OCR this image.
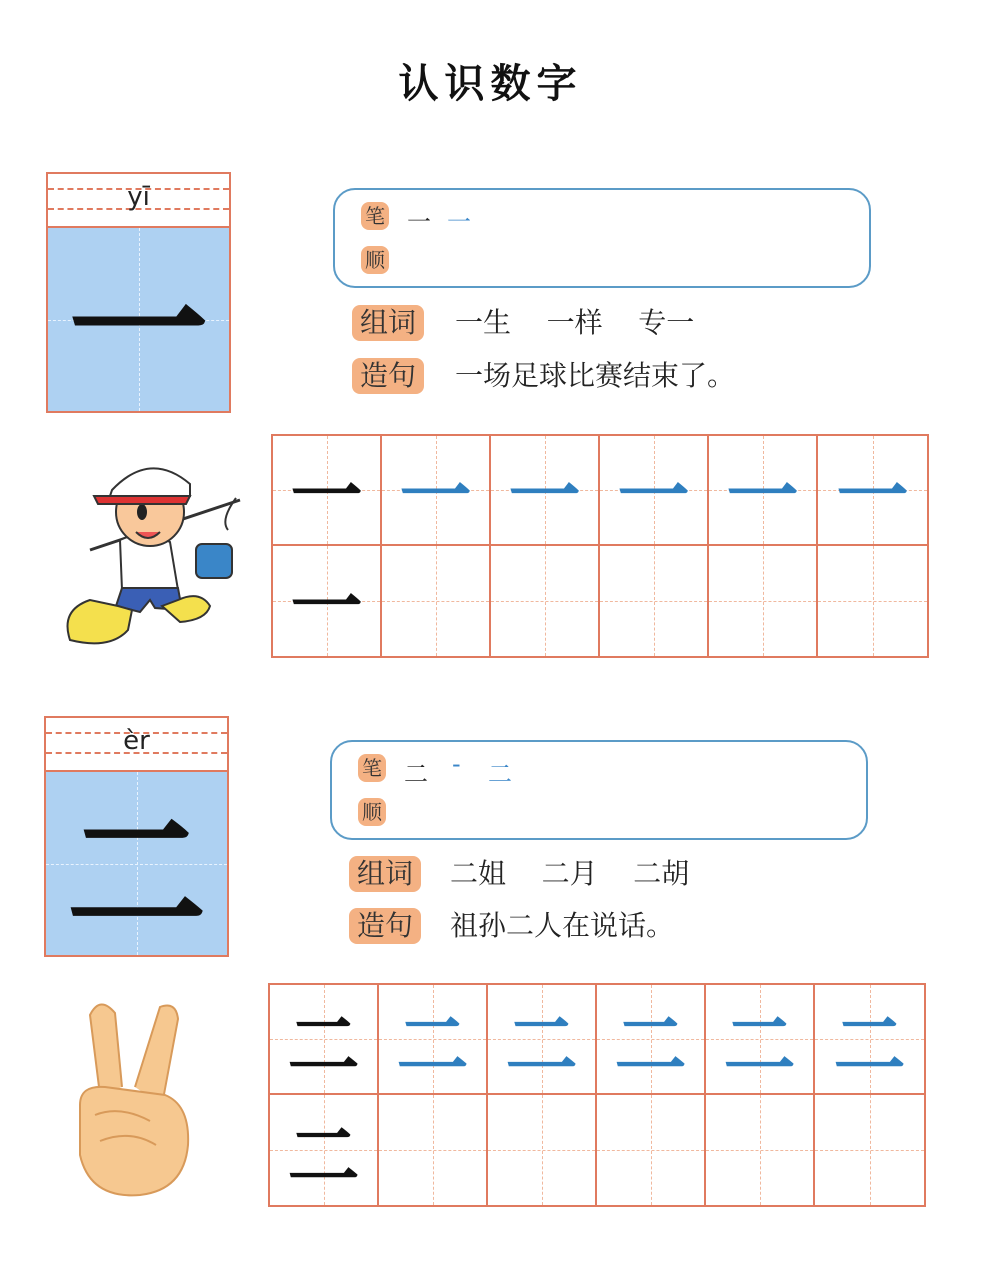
认识数字
yī
一
笔
顺
一 一
组词 一生    一样    专一
造句 一场足球比赛结束了。
一 一 一 一 一 一
一
èr
二
笔
顺
二 - 二
组词 二姐    二月    二胡
造句 祖孙二人在说话。
二 二 二 二 二 二
二
